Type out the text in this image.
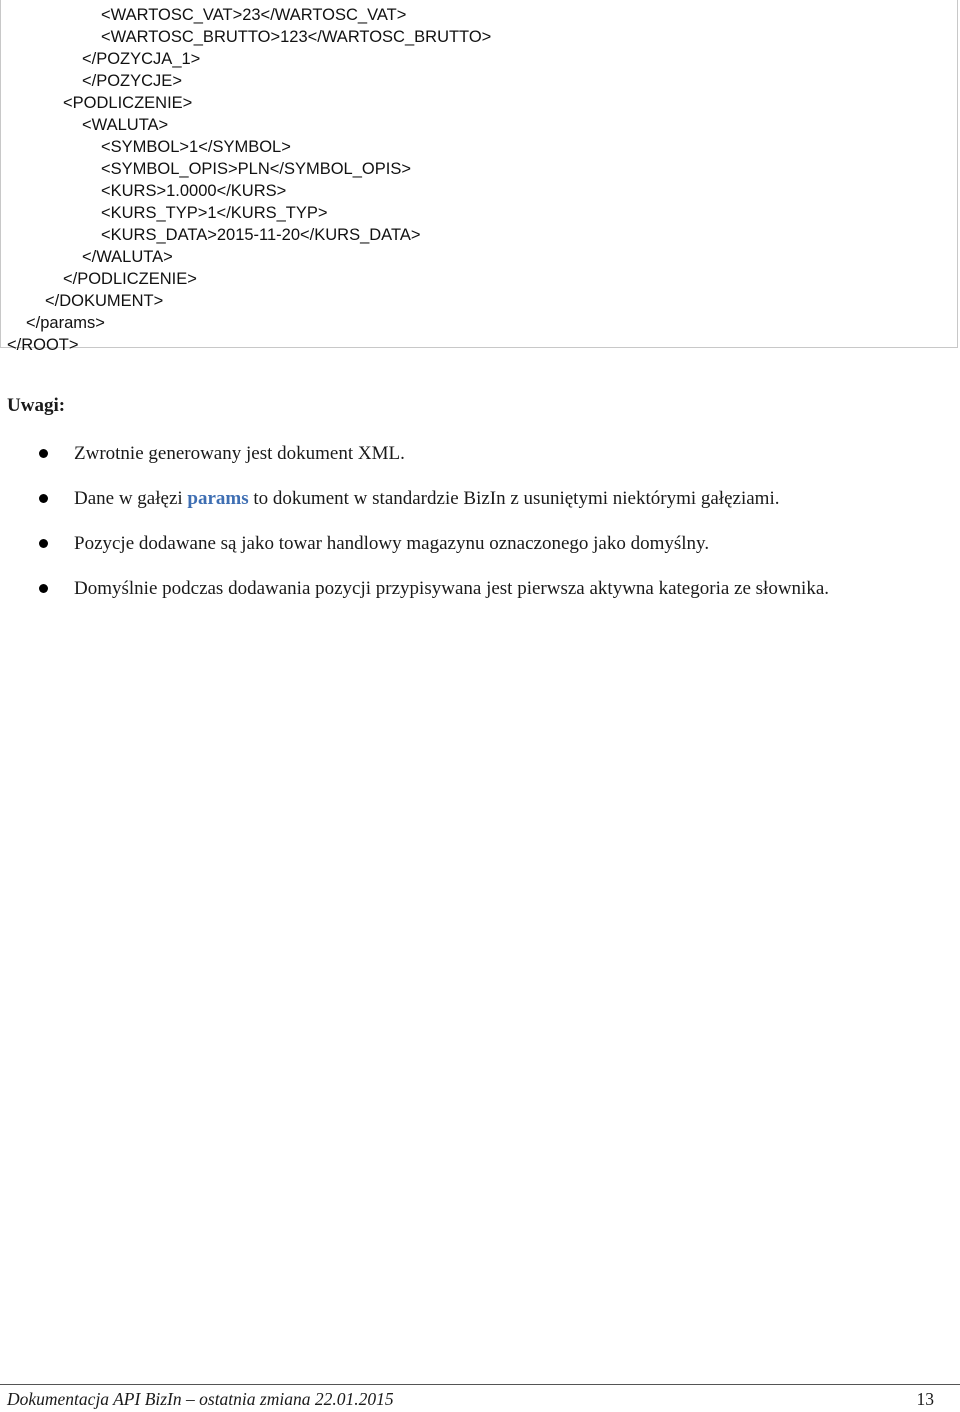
<WARTOSC_VAT>23</WARTOSC_VAT>
<WARTOSC_BRUTTO>123</WARTOSC_BRUTTO>
</POZYCJA_1>
</POZYCJE>
<PODLICZENIE>
<WALUTA>
<SYMBOL>1</SYMBOL>
<SYMBOL_OPIS>PLN</SYMBOL_OPIS>
<KURS>1.0000</KURS>
<KURS_TYP>1</KURS_TYP>
<KURS_DATA>2015-11-20</KURS_DATA>
</WALUTA>
</PODLICZENIE>
</DOKUMENT>
</params>
</ROOT>
Uwagi:
Zwrotnie generowany jest dokument XML.
Dane w gałęzi params to dokument w standardzie BizIn z usuniętymi niektórymi gałęziami.
Pozycje dodawane są jako towar handlowy magazynu oznaczonego jako domyślny.
Domyślnie podczas dodawania pozycji przypisywana jest pierwsza aktywna kategoria ze słownika.
Dokumentacja API BizIn – ostatnia zmiana 22.01.2015	13
